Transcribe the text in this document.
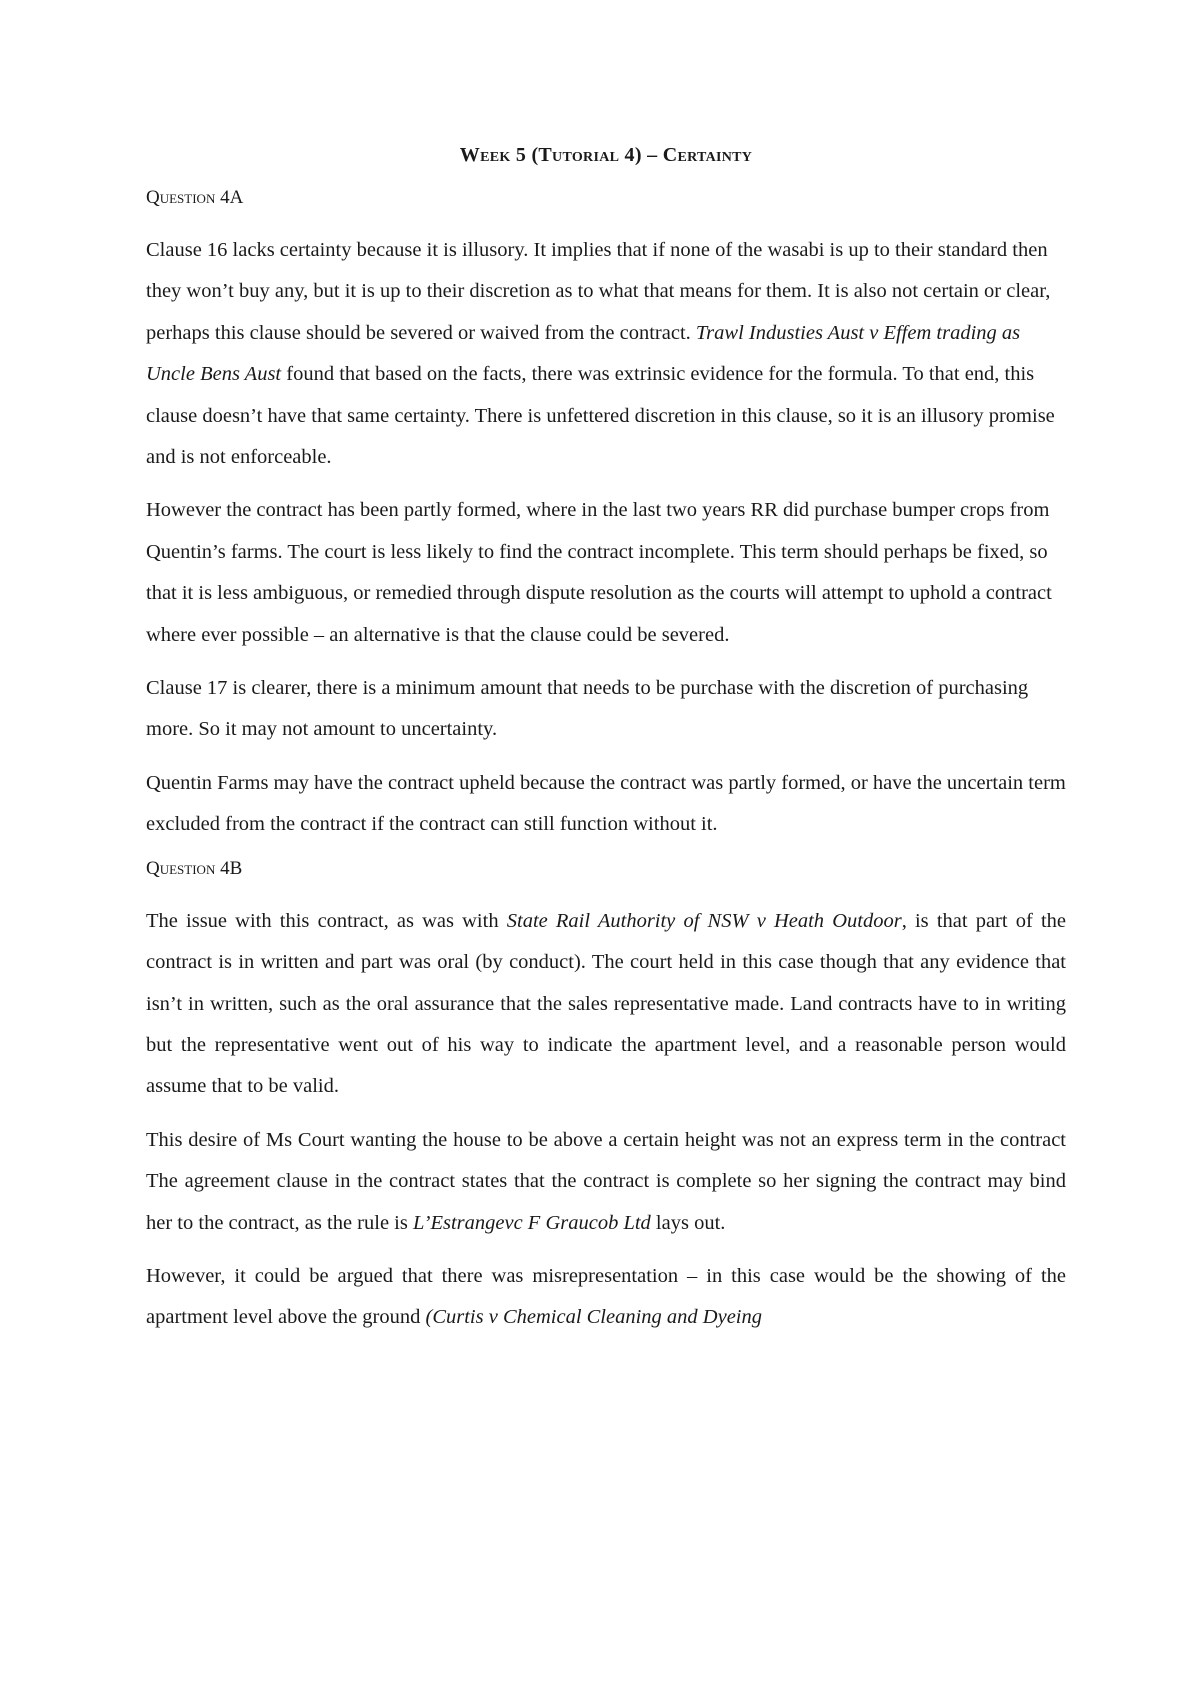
Week 5 (Tutorial 4) – Certainty
Question 4A

Clause 16 lacks certainty because it is illusory. It implies that if none of the wasabi is up to their standard then they won’t buy any, but it is up to their discretion as to what that means for them. It is also not certain or clear, perhaps this clause should be severed or waived from the contract. Trawl Industies Aust v Effem trading as Uncle Bens Aust found that based on the facts, there was extrinsic evidence for the formula. To that end, this clause doesn’t have that same certainty. There is unfettered discretion in this clause, so it is an illusory promise and is not enforceable.

However the contract has been partly formed, where in the last two years RR did purchase bumper crops from Quentin’s farms. The court is less likely to find the contract incomplete. This term should perhaps be fixed, so that it is less ambiguous, or remedied through dispute resolution as the courts will attempt to uphold a contract where ever possible – an alternative is that the clause could be severed.

Clause 17 is clearer, there is a minimum amount that needs to be purchase with the discretion of purchasing more. So it may not amount to uncertainty.

Quentin Farms may have the contract upheld because the contract was partly formed, or have the uncertain term excluded from the contract if the contract can still function without it.

Question 4B

The issue with this contract, as was with State Rail Authority of NSW v Heath Outdoor, is that part of the contract is in written and part was oral (by conduct). The court held in this case though that any evidence that isn’t in written, such as the oral assurance that the sales representative made. Land contracts have to in writing but the representative went out of his way to indicate the apartment level, and a reasonable person would assume that to be valid.

This desire of Ms Court wanting the house to be above a certain height was not an express term in the contract The agreement clause in the contract states that the contract is complete so her signing the contract may bind her to the contract, as the rule is L’Estrangevc F Graucob Ltd lays out.

However, it could be argued that there was misrepresentation – in this case would be the showing of the apartment level above the ground (Curtis v Chemical Cleaning and Dyeing
